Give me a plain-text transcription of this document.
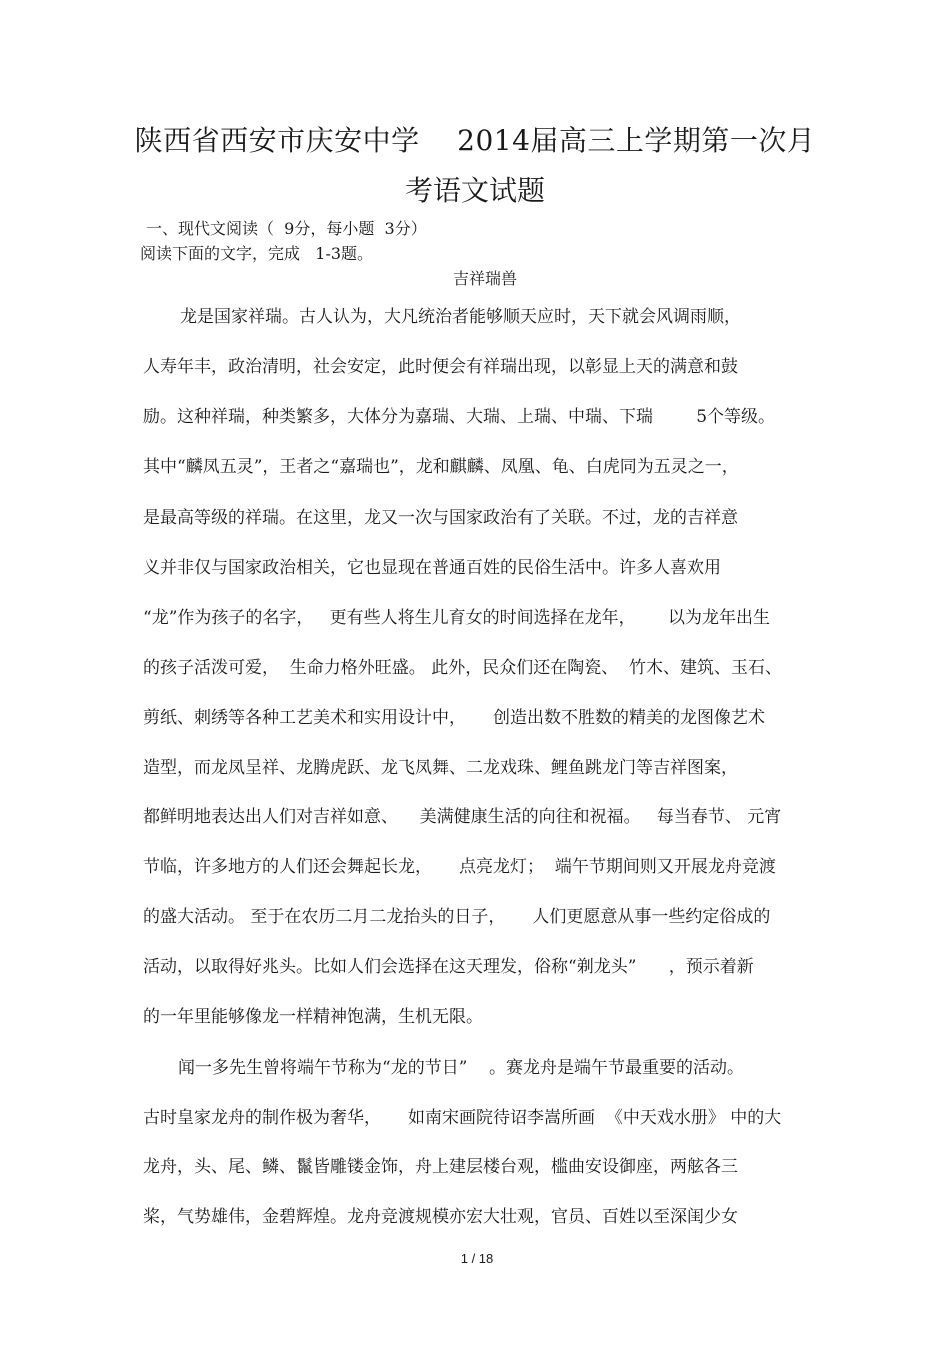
陕西省西安市庆安中学    2014届高三上学期第一次月
考语文试题
一、现代文阅读（  9分，每小题  3分）
阅读下面的文字，完成   1-3题。
吉祥瑞兽
龙是国家祥瑞。古人认为，大凡统治者能够顺天应时，天下就会风调雨顺，
人寿年丰，政治清明，社会安定，此时便会有祥瑞出现，以彰显上天的满意和鼓
励。这种祥瑞，种类繁多，大体分为嘉瑞、大瑞、上瑞、中瑞、下瑞        5个等级。
其中“麟凤五灵”，王者之“嘉瑞也”，龙和麒麟、凤凰、龟、白虎同为五灵之一，
是最高等级的祥瑞。在这里，龙又一次与国家政治有了关联。不过，龙的吉祥意
义并非仅与国家政治相关，它也显现在普通百姓的民俗生活中。许多人喜欢用
“龙”作为孩子的名字，   更有些人将生儿育女的时间选择在龙年，      以为龙年出生
的孩子活泼可爱，  生命力格外旺盛。 此外，民众们还在陶瓷、  竹木、建筑、玉石、
剪纸、刺绣等各种工艺美术和实用设计中，     创造出数不胜数的精美的龙图像艺术
造型，而龙凤呈祥、龙腾虎跃、龙飞凤舞、二龙戏珠、鲤鱼跳龙门等吉祥图案，
都鲜明地表达出人们对吉祥如意、    美满健康生活的向往和祝福。   每当春节、 元宵
节临，许多地方的人们还会舞起长龙，     点亮龙灯；  端午节期间则又开展龙舟竞渡
的盛大活动。 至于在农历二月二龙抬头的日子，     人们更愿意从事一些约定俗成的
活动，以取得好兆头。比如人们会选择在这天理发，俗称“剃龙头”      ，预示着新
的一年里能够像龙一样精神饱满，生机无限。
闻一多先生曾将端午节称为“龙的节日”    。赛龙舟是端午节最重要的活动。
古时皇家龙舟的制作极为奢华，     如南宋画院待诏李嵩所画  《中天戏水册》 中的大
龙舟，头、尾、鳞、鬣皆雕镂金饰，舟上建层楼台观，槛曲安设御座，两舷各三
桨，气势雄伟，金碧辉煌。龙舟竞渡规模亦宏大壮观，官员、百姓以至深闺少女
1 / 18
